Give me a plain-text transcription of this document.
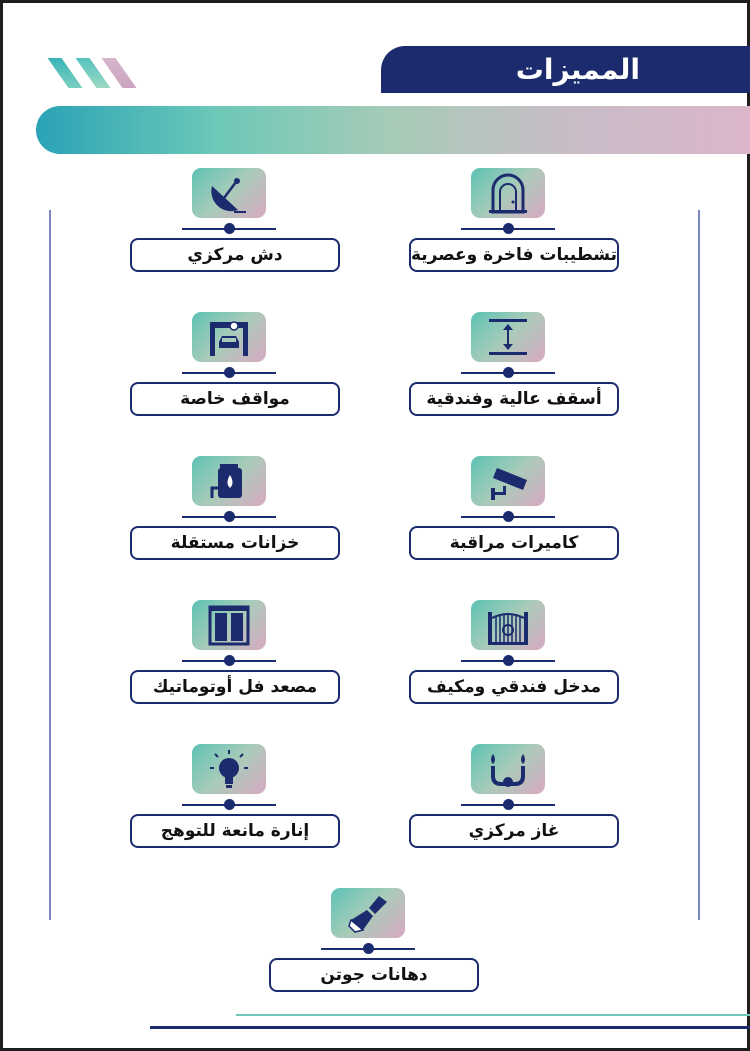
المميزات
تشطيبات فاخرة وعصرية
دش مركزي
أسقف عالية وفندقية
مواقف خاصة
كاميرات مراقبة
خزانات مستقلة
مدخل فندقي ومكيف
مصعد فل أوتوماتيك
غاز مركزي
إنارة مانعة للتوهج
دهانات جوتن
